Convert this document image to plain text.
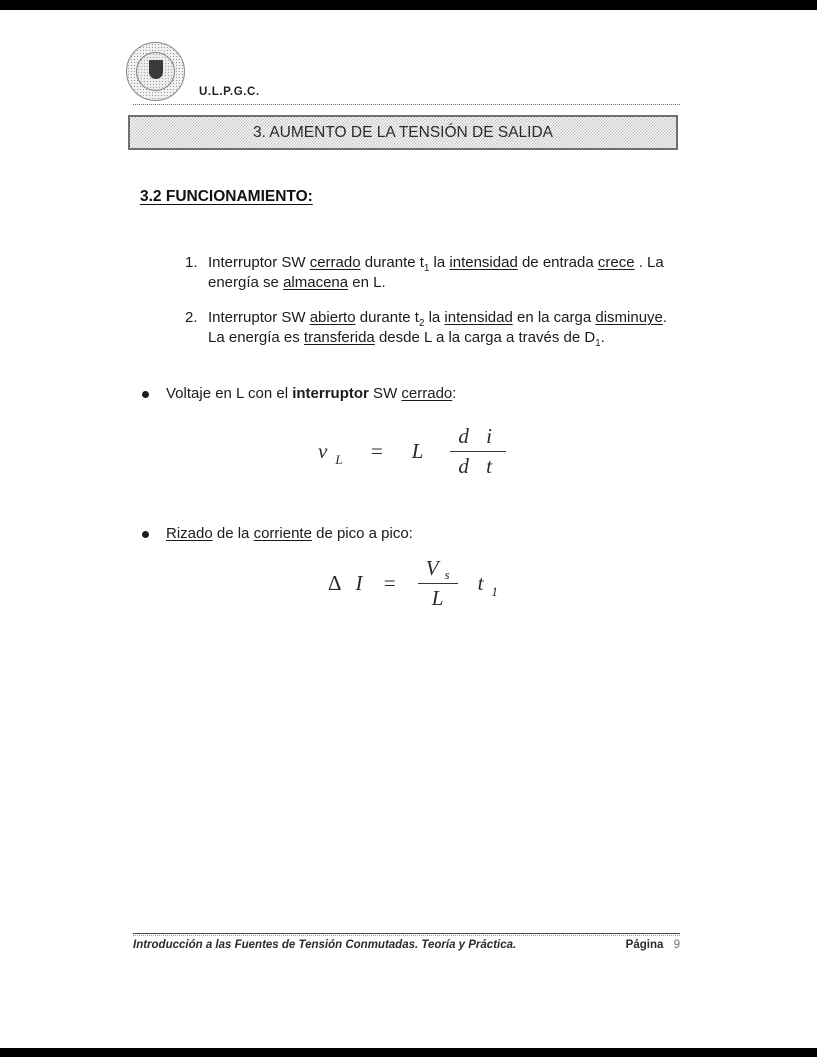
U.L.P.G.C.
3. AUMENTO DE LA TENSIÓN DE SALIDA
3.2 FUNCIONAMIENTO:
1. Interruptor SW cerrado durante $t_1$ la intensidad de entrada crece . La energía se almacena en L.
2. Interruptor SW abierto durante $t_2$ la intensidad en la carga disminuye. La energía es transferida desde L a la carga a través de $D_1$.
Voltaje en L con el interruptor SW cerrado:
v L = L $\frac{\text{d i}}{\text{d t}}$
Rizado de la corriente de pico a pico:
Δ $I = \frac{\text{V s}}{L}$ t 1
Introducción a las Fuentes de Tensión Conmutadas. Teoría y Práctica.	Página 9
